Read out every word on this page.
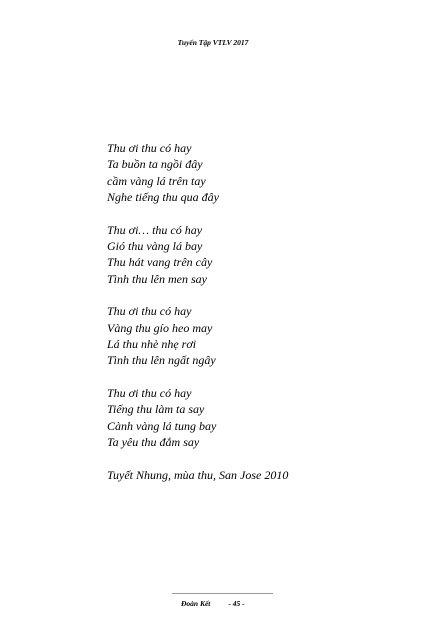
Tuyển Tập VTLV 2017
Thu ơi thu có hay
Ta buồn ta ngồi đây
cầm vàng lá trên tay
Nghe tiếng thu qua đây
Thu ơi… thu có hay
Gió thu vàng lá bay
Thu hát vang trên cây
Tình thu lên men say
Thu ơi thu có hay
Vàng thu gío heo may
Lá thu nhè nhẹ rơi
Tình thu lên ngất ngây
Thu ơi thu có hay
Tiếng thu làm ta say
Cành vàng lá tung bay
Ta yêu thu đắm say
Tuyết Nhung, mùa thu, San Jose 2010
Đoàn Kết - 45 -
